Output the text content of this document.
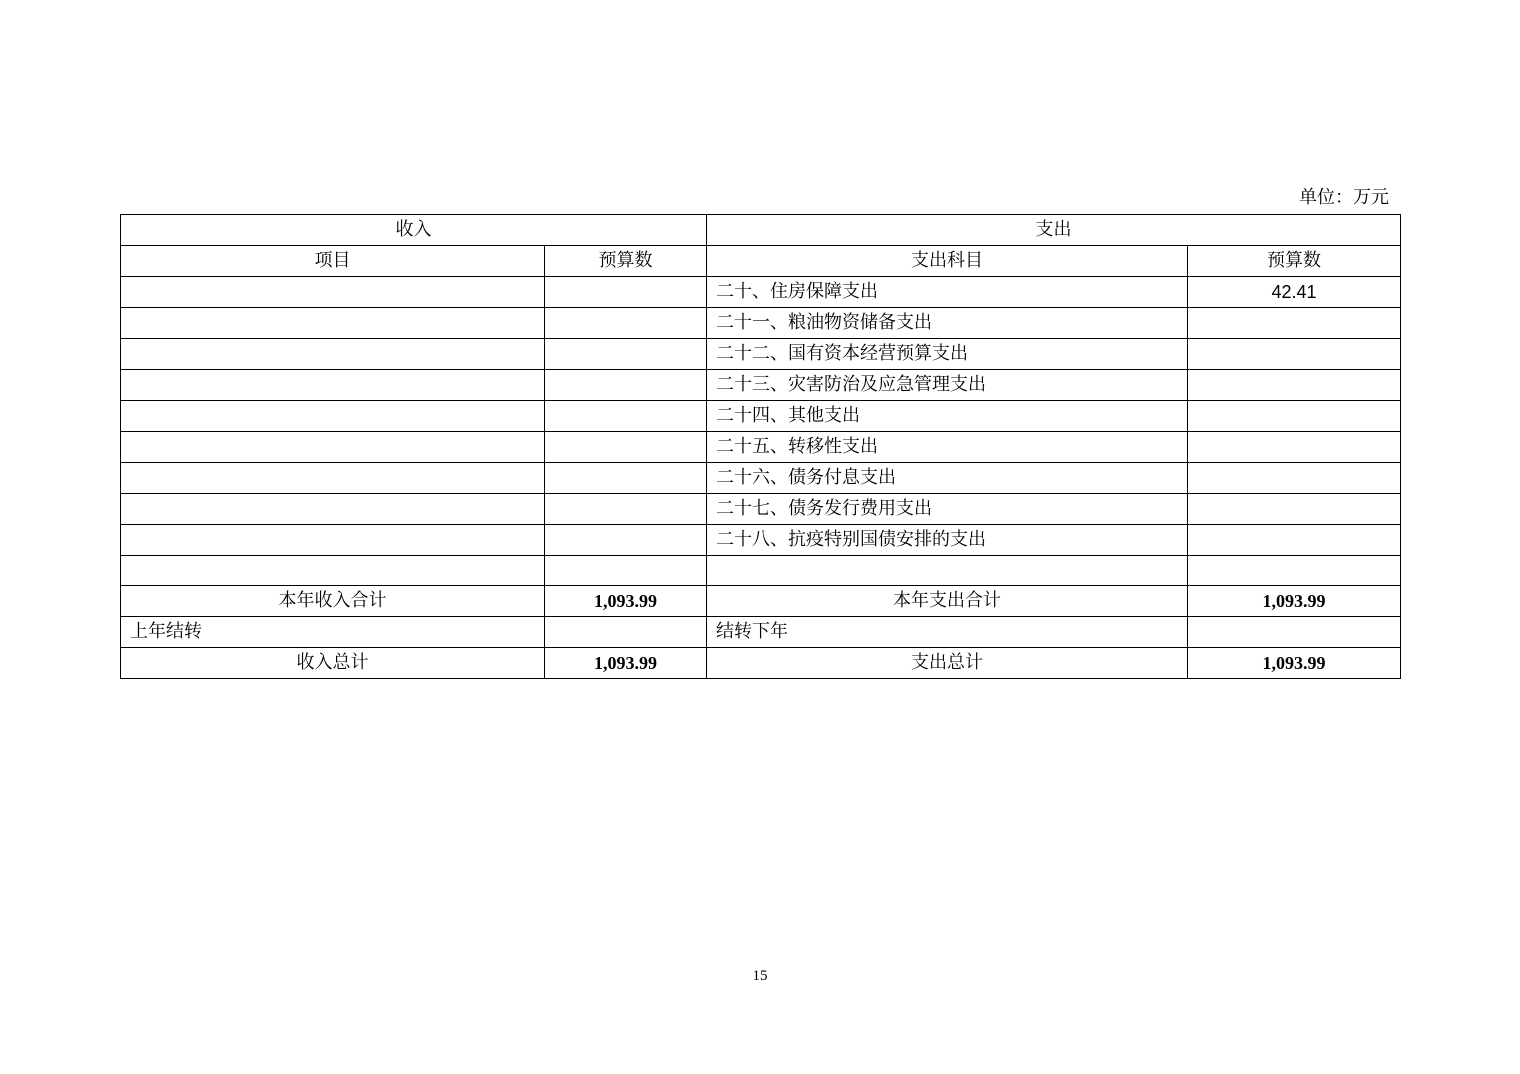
单位：万元
收入		支出	
项目	预算数	支出科目	预算数
		二十、住房保障支出	42.41
		二十一、粮油物资储备支出	
		二十二、国有资本经营预算支出	
		二十三、灾害防治及应急管理支出	
		二十四、其他支出	
		二十五、转移性支出	
		二十六、债务付息支出	
		二十七、债务发行费用支出	
		二十八、抗疫特别国债安排的支出	

本年收入合计	1,093.99	本年支出合计	1,093.99
上年结转		结转下年	
收入总计	1,093.99	支出总计	1,093.99
15
